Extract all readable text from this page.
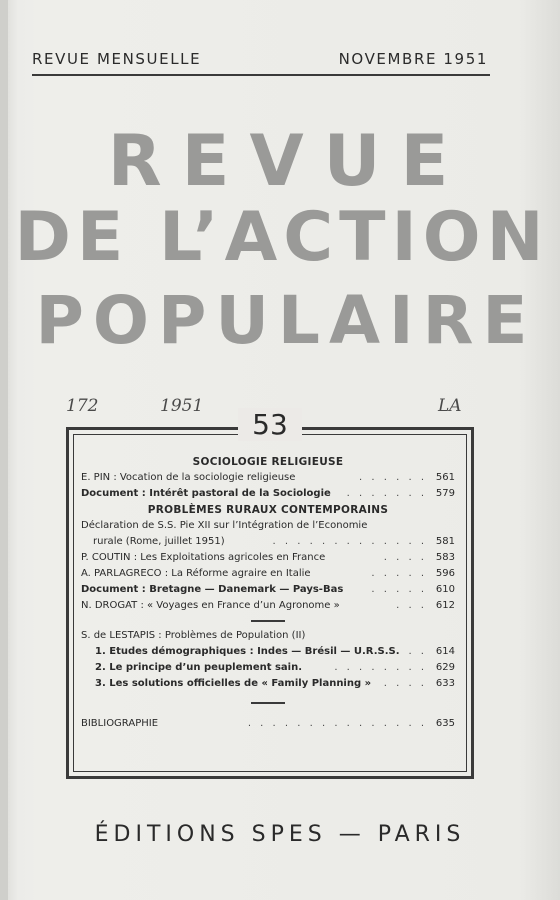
REVUE MENSUELLE	NOVEMBRE 1951
REVUE
DE L’ACTION
POPULAIRE
172	1951	LA
53
SOCIOLOGIE RELIGIEUSE
E. PIN : Vocation de la sociologie religieuse	. . . . . . 561
Document : Intérêt pastoral de la Sociologie . . . . . . . 579
PROBLÈMES RURAUX CONTEMPORAINS
Déclaration de S.S. Pie XII sur l’Intégration de l’Economie
rurale (Rome, juillet 1951)	. . . . . . . . . . . . . 581
P. COUTIN : Les Exploitations agricoles en France	. . . . 583
A. PARLAGRECO : La Réforme agraire en Italie	. . . . . 596
Document : Bretagne — Danemark — Pays-Bas	. . . . . 610
N. DROGAT : « Voyages en France d’un Agronome »	. . . 612
S. de LESTAPIS : Problèmes de Population (II)
1. Etudes démographiques : Indes — Brésil — U.R.S.S. . . 614
2. Le principe d’un peuplement sain.	. . . . . . . . 629
3. Les solutions officielles de « Family Planning » . . . . 633
BIBLIOGRAPHIE	. . . . . . . . . . . . . . . 635
ÉDITIONS SPES — PARIS
